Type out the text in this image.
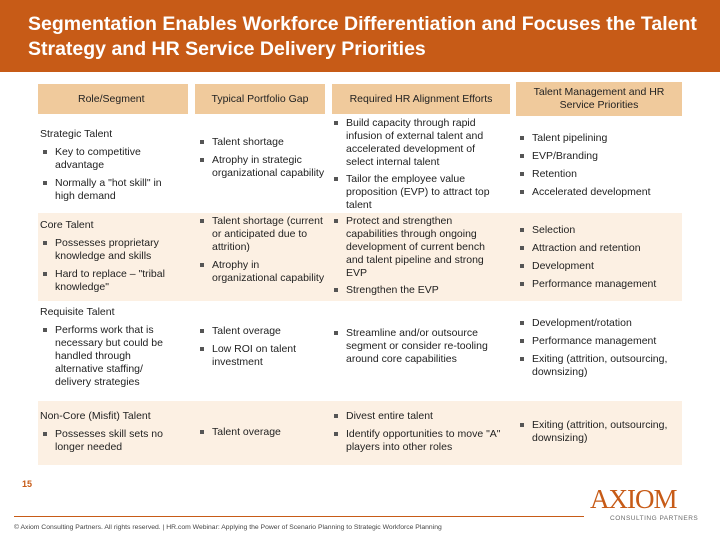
Segmentation Enables Workforce Differentiation and Focuses the Talent Strategy and HR Service Delivery Priorities
Role/Segment	Typical Portfolio Gap	Required HR Alignment Efforts
Talent Management and HR Service Priorities
Strategic Talent
Key to competitive advantage
Normally a "hot skill" in high demand
Talent shortage
Atrophy in strategic organizational capability
Build capacity through rapid infusion of external talent and accelerated development of select internal talent
Tailor the employee value proposition (EVP) to attract top talent
Talent pipelining
EVP/Branding
Retention
Accelerated development
Core Talent
Possesses proprietary knowledge and skills
Hard to replace – "tribal knowledge"
Talent shortage (current or anticipated due to attrition)
Atrophy in organizational capability
Protect and strengthen capabilities through ongoing development of current bench and talent pipeline and strong EVP
Strengthen the EVP
Selection
Attraction and retention
Development
Performance management
Requisite Talent
Performs work that is necessary but could be handled through alternative staffing/ delivery strategies
Talent overage
Low ROI on talent investment
Streamline and/or outsource segment or consider re-tooling around core capabilities
Development/rotation
Performance management
Exiting (attrition, outsourcing, downsizing)
Non-Core (Misfit) Talent
Possesses skill sets no longer needed
Talent overage
Divest entire talent
Identify opportunities to move "A" players into other roles
Exiting (attrition, outsourcing, downsizing)
15
© Axiom Consulting Partners. All rights reserved. | HR.com Webinar: Applying the Power of Scenario Planning to Strategic Workforce Planning
AXIOM
CONSULTING PARTNERS
